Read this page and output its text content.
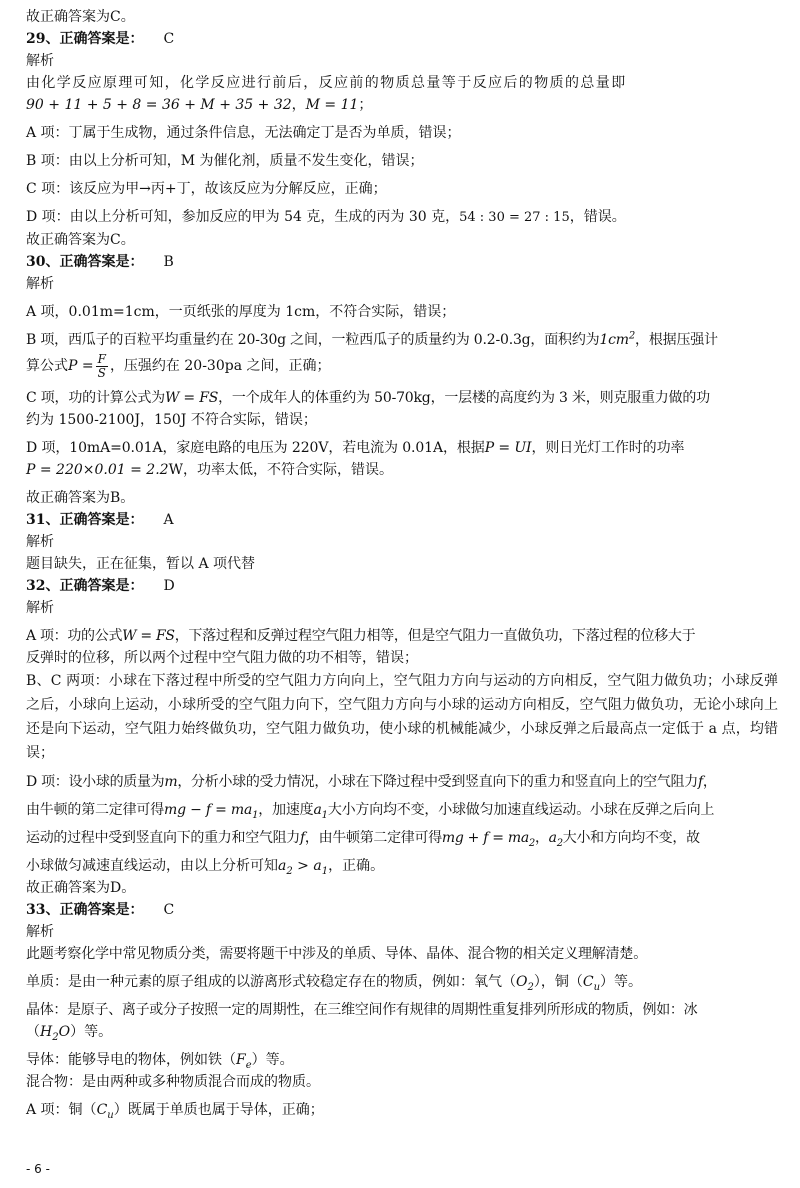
故正确答案为C。
29、正确答案是： C
解析
由化学反应原理可知，化学反应进行前后，反应前的物质总量等于反应后的物质的总量即
90 + 11 + 5 + 8 = 36 + M + 35 + 32，M = 11；
A 项：丁属于生成物，通过条件信息，无法确定丁是否为单质，错误；
B 项：由以上分析可知，M 为催化剂，质量不发生变化，错误；
C 项：该反应为甲→丙+丁，故该反应为分解反应，正确；
D 项：由以上分析可知，参加反应的甲为 54 克，生成的丙为 30 克，54 : 30 = 27 : 15，错误。
故正确答案为C。
30、正确答案是： B
解析
A 项，0.01m=1cm，一页纸张的厚度为 1cm，不符合实际，错误；
B 项，西瓜子的百粒平均重量约在 20-30g 之间，一粒西瓜子的质量约为 0.2-0.3g，面积约为$1cm^2$，根据压强计
算公式$P = \frac{F}{S}$ ，压强约在 20-30pa 之间，正确；
C 项，功的计算公式为W = FS，一个成年人的体重约为 50-70kg，一层楼的高度约为 3 米，则克服重力做的功
约为 1500-2100J，150J 不符合实际，错误；
D 项，10mA=0.01A，家庭电路的电压为 220V，若电流为 0.01A，根据P = UI，则日光灯工作时的功率
P = 220×0.01 = 2.2W，功率太低，不符合实际，错误。
故正确答案为B。
31、正确答案是： A
解析
题目缺失，正在征集，暂以 A 项代替
32、正确答案是： D
解析
A 项：功的公式W = FS，下落过程和反弹过程空气阻力相等，但是空气阻力一直做负功，下落过程的位移大于
反弹时的位移，所以两个过程中空气阻力做的功不相等，错误；
B、C 两项：小球在下落过程中所受的空气阻力方向向上，空气阻力方向与运动的方向相反，空气阻力做负功；小球反弹之后，小球向上运动，小球所受的空气阻力向下，空气阻力方向与小球的运动方向相反，空气阻力做负功，无论小球向上还是向下运动，空气阻力始终做负功，空气阻力做负功，使小球的机械能减少，小球反弹之后最高点一定低于 a 点，均错误；
D 项：设小球的质量为m，分析小球的受力情况，小球在下降过程中受到竖直向下的重力和竖直向上的空气阻力f，
由牛顿的第二定律可得mg − $f = ma_1$，加速度$a_1$大小方向均不变，小球做匀加速直线运动。小球在反弹之后向上
运动的过程中受到竖直向下的重力和空气阻力f，由牛顿第二定律可得mg + $f = ma_2$，$a_2$大小和方向均不变，故
小球做匀减速直线运动，由以上分析可知$a_2 > a_1$，正确。
故正确答案为D。
33、正确答案是： C
解析
此题考察化学中常见物质分类，需要将题干中涉及的单质、导体、晶体、混合物的相关定义理解清楚。
单质：是由一种元素的原子组成的以游离形式较稳定存在的物质，例如：氧气$(O_2)$，铜$(C_u)$等。
晶体：是原子、离子或分子按照一定的周期性，在三维空间作有规律的周期性重复排列所形成的物质，例如：冰
$(H_2O)$等。
导体：能够导电的物体，例如铁$(F_e)$等。
混合物：是由两种或多种物质混合而成的物质。
A 项：铜$(C_u)$既属于单质也属于导体，正确；
- 6 -
